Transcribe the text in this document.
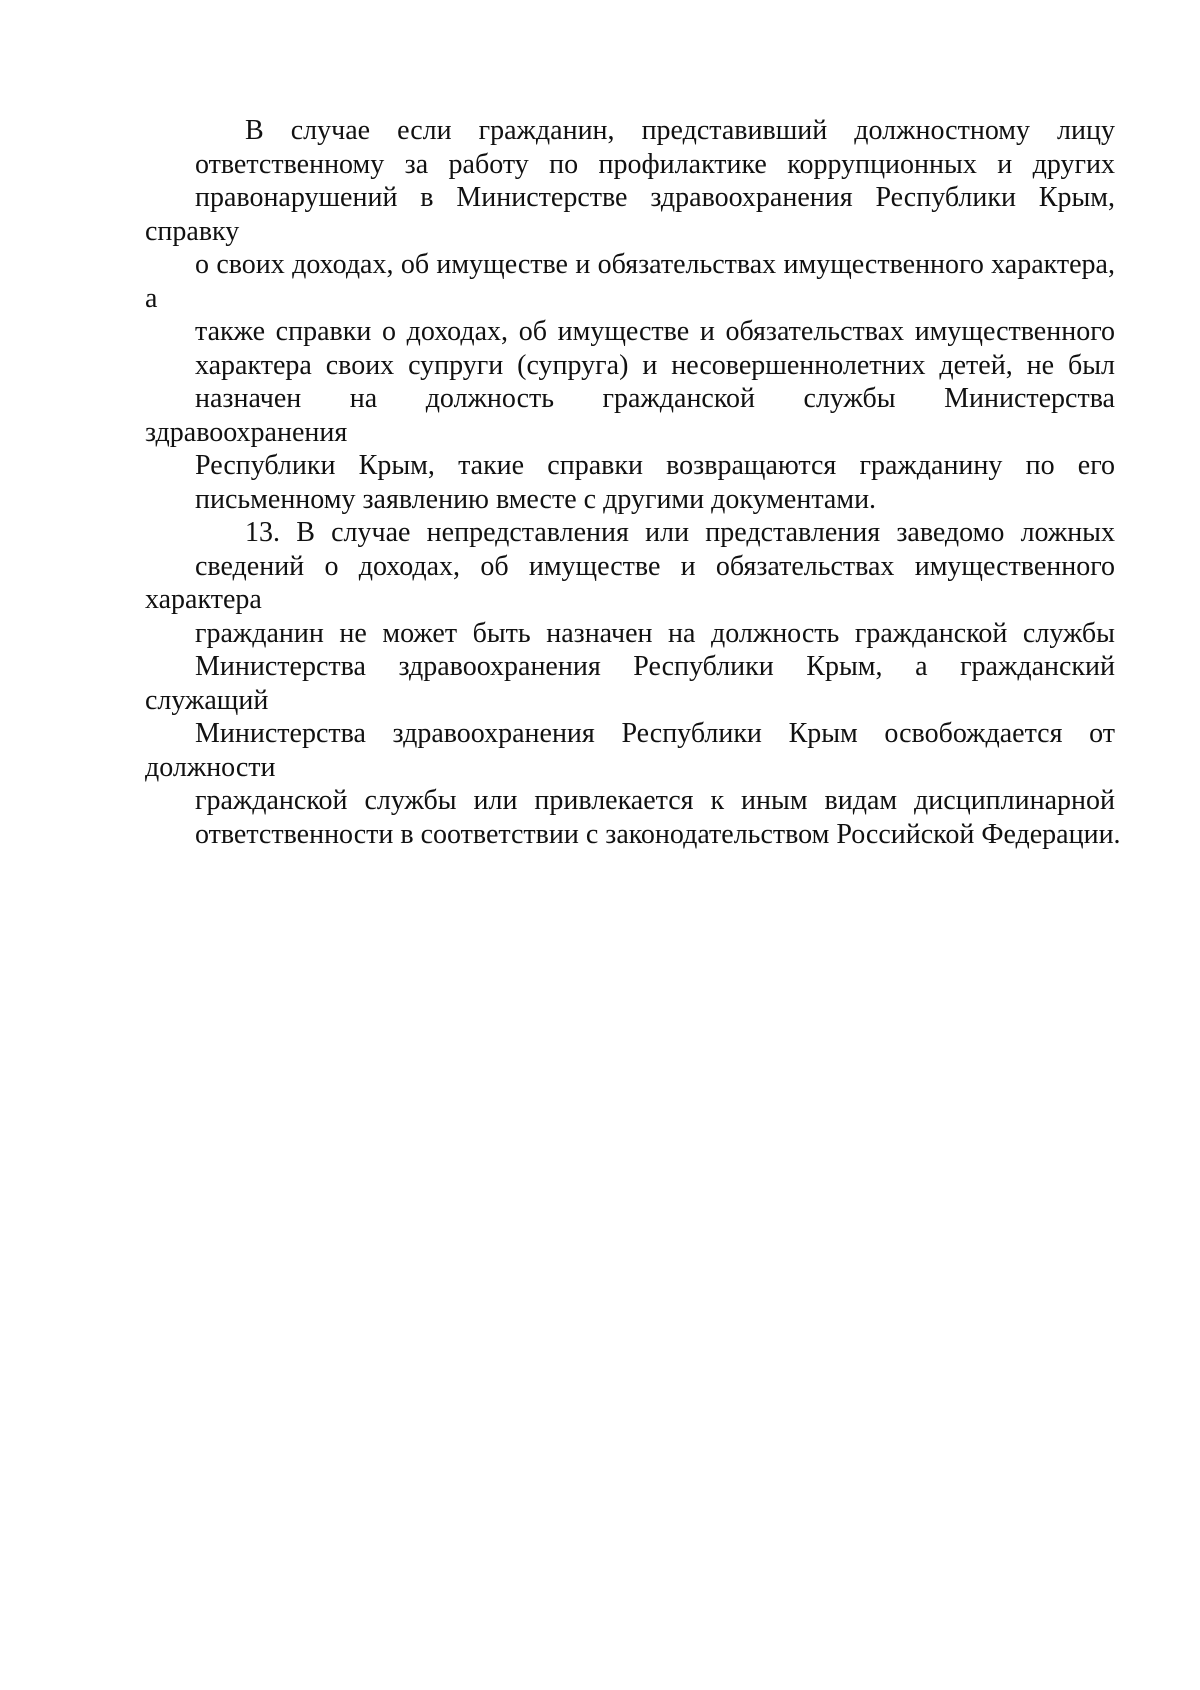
В случае если гражданин, представивший должностному лицу
ответственному за работу по профилактике коррупционных и других
правонарушений в Министерстве здравоохранения Республики Крым, справку
о своих доходах, об имуществе и обязательствах имущественного характера, а
также справки о доходах, об имуществе и обязательствах имущественного
характера своих супруги (супруга) и несовершеннолетних детей, не был
назначен на должность гражданской службы Министерства здравоохранения
Республики Крым, такие справки возвращаются гражданину по его
письменному заявлению вместе с другими документами.
13. В случае непредставления или представления заведомо ложных
сведений о доходах, об имуществе и обязательствах имущественного характера
гражданин не может быть назначен на должность гражданской службы
Министерства здравоохранения Республики Крым, а гражданский служащий
Министерства здравоохранения Республики Крым освобождается от должности
гражданской службы или привлекается к иным видам дисциплинарной
ответственности в соответствии с законодательством Российской Федерации.
